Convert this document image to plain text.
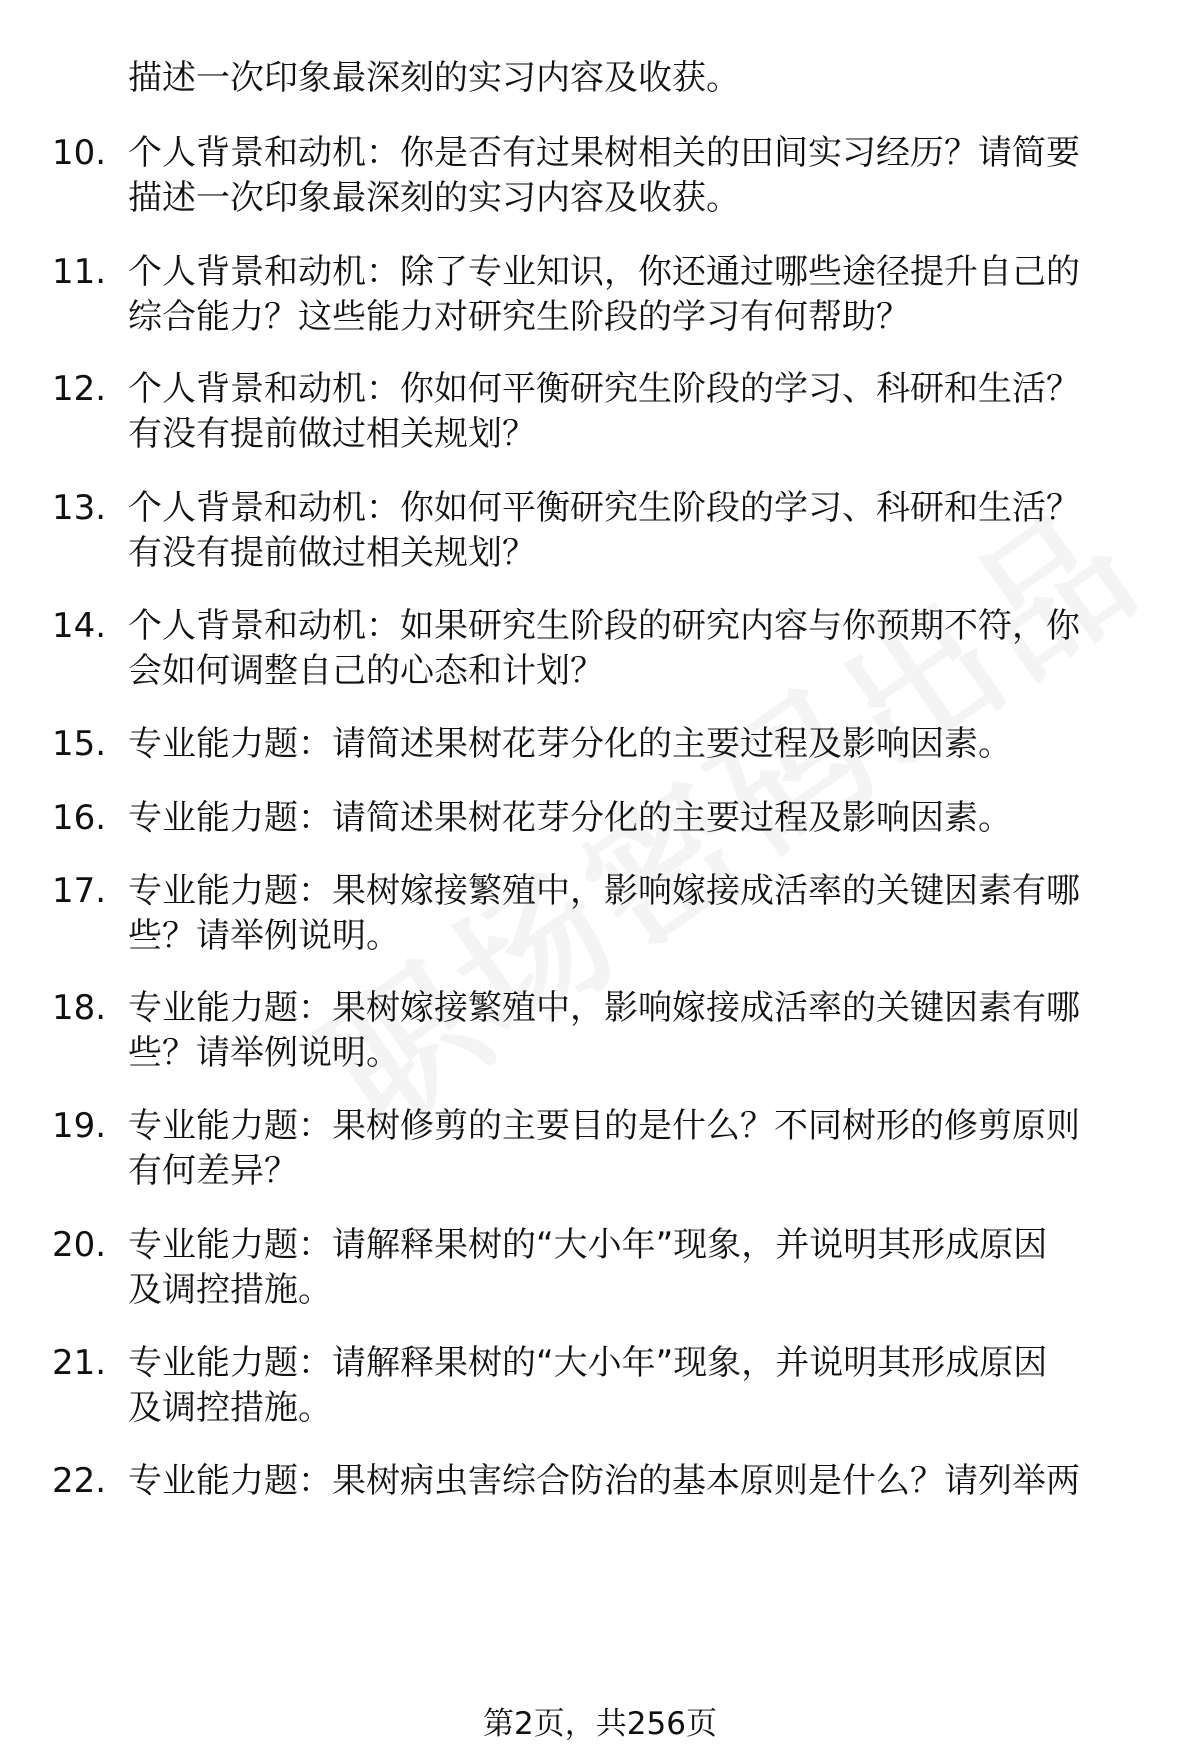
描述一次印象最深刻的实习内容及收获。
10. 个人背景和动机：你是否有过果树相关的田间实习经历？请简要
描述一次印象最深刻的实习内容及收获。
11. 个人背景和动机：除了专业知识，你还通过哪些途径提升自己的
综合能力？这些能力对研究生阶段的学习有何帮助？
12. 个人背景和动机：你如何平衡研究生阶段的学习、科研和生活？
有没有提前做过相关规划？
13. 个人背景和动机：你如何平衡研究生阶段的学习、科研和生活？
有没有提前做过相关规划？
14. 个人背景和动机：如果研究生阶段的研究内容与你预期不符，你
会如何调整自己的心态和计划？
15. 专业能力题：请简述果树花芽分化的主要过程及影响因素。
16. 专业能力题：请简述果树花芽分化的主要过程及影响因素。
17. 专业能力题：果树嫁接繁殖中，影响嫁接成活率的关键因素有哪
些？请举例说明。
18. 专业能力题：果树嫁接繁殖中，影响嫁接成活率的关键因素有哪
些？请举例说明。
19. 专业能力题：果树修剪的主要目的是什么？不同树形的修剪原则
有何差异？
20. 专业能力题：请解释果树的“大小年”现象，并说明其形成原因
及调控措施。
21. 专业能力题：请解释果树的“大小年”现象，并说明其形成原因
及调控措施。
22. 专业能力题：果树病虫害综合防治的基本原则是什么？请列举两
第2页，共256页
